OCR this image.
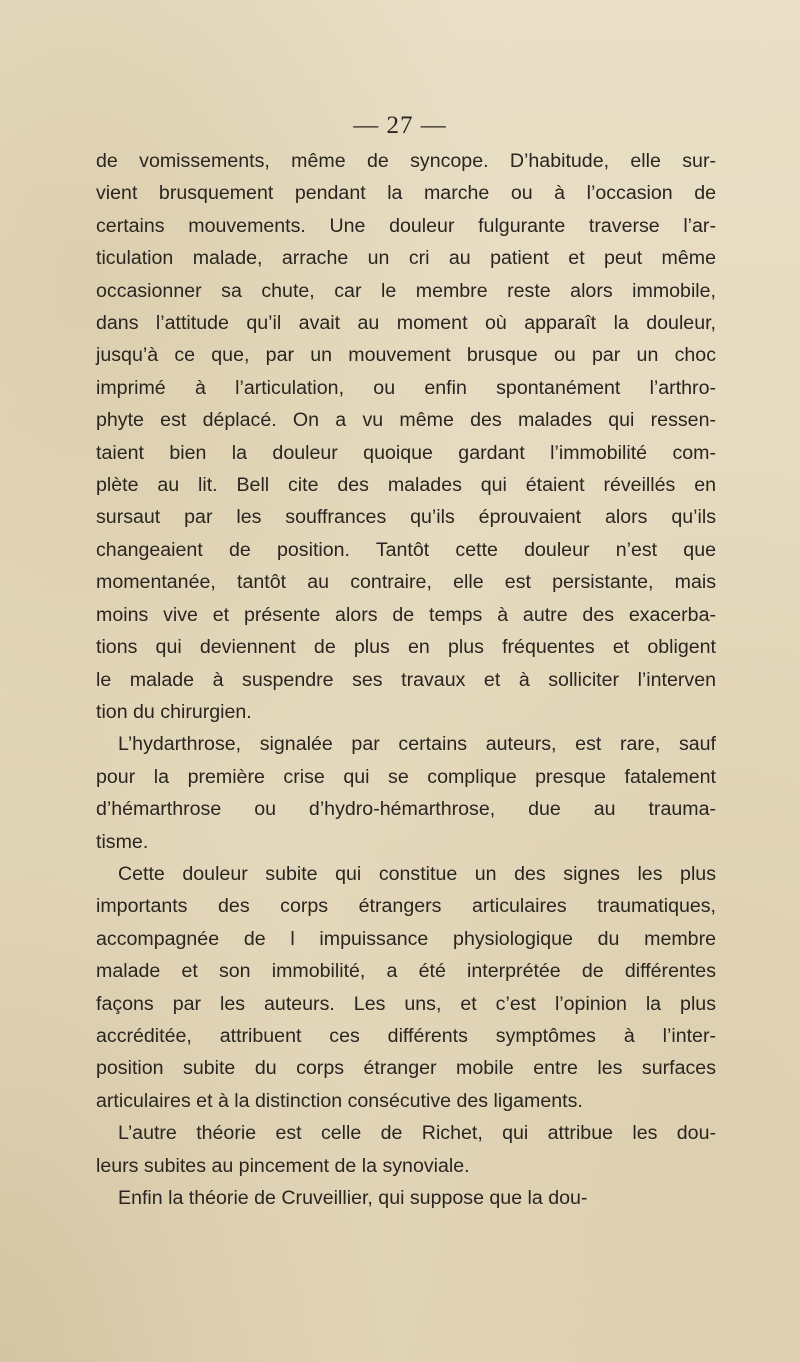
— 27 —
de vomissements, même de syncope. D’habitude, elle sur-
vient brusquement pendant la marche ou à l’occasion de
certains mouvements. Une douleur fulgurante traverse l’ar-
ticulation malade, arrache un cri au patient et peut même
occasionner sa chute, car le membre reste alors immobile,
dans l’attitude qu’il avait au moment où apparaît la douleur,
jusqu’à ce que, par un mouvement brusque ou par un choc
imprimé à l’articulation, ou enfin spontanément l’arthro-
phyte est déplacé. On a vu même des malades qui ressen-
taient bien la douleur quoique gardant l’immobilité com-
plète au lit. Bell cite des malades qui étaient réveillés en
sursaut par les souffrances qu’ils éprouvaient alors qu’ils
changeaient de position. Tantôt cette douleur n’est que
momentanée, tantôt au contraire, elle est persistante, mais
moins vive et présente alors de temps à autre des exacerba-
tions qui deviennent de plus en plus fréquentes et obligent
le malade à suspendre ses travaux et à solliciter l’interven
tion du chirurgien.
L’hydarthrose, signalée par certains auteurs, est rare, sauf
pour la première crise qui se complique presque fatalement
d’hémarthrose ou d’hydro-hémarthrose, due au trauma-
tisme.
Cette douleur subite qui constitue un des signes les plus
importants des corps étrangers articulaires traumatiques,
accompagnée de l impuissance physiologique du membre
malade et son immobilité, a été interprétée de différentes
façons par les auteurs. Les uns, et c’est l’opinion la plus
accréditée, attribuent ces différents symptômes à l’inter-
position subite du corps étranger mobile entre les surfaces
articulaires et à la distinction consécutive des ligaments.
L’autre théorie est celle de Richet, qui attribue les dou-
leurs subites au pincement de la synoviale.
Enfin la théorie de Cruveillier, qui suppose que la dou-
